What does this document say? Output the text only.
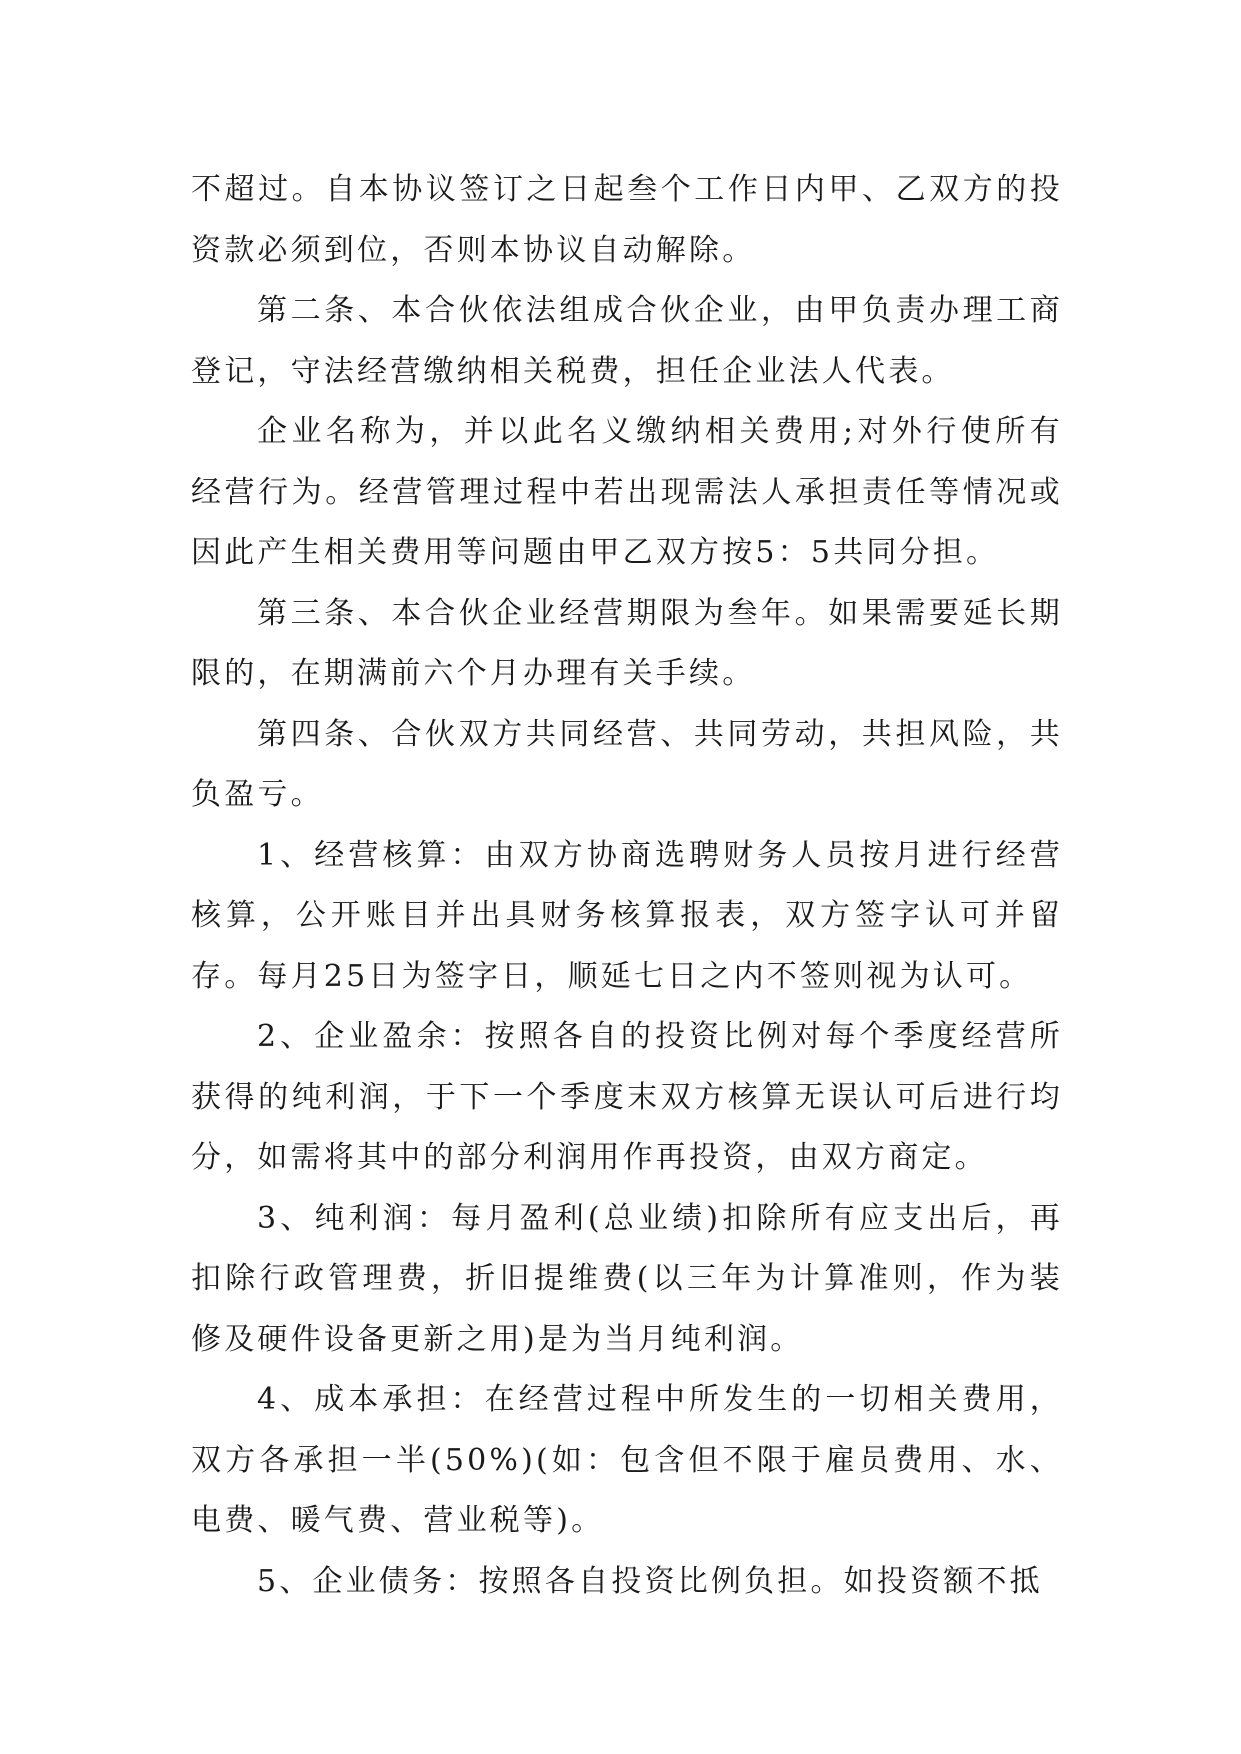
不超过。自本协议签订之日起叁个工作日内甲、乙双方的投资款必须到位，否则本协议自动解除。

第二条、本合伙依法组成合伙企业，由甲负责办理工商登记，守法经营缴纳相关税费，担任企业法人代表。

企业名称为，并以此名义缴纳相关费用;对外行使所有经营行为。经营管理过程中若出现需法人承担责任等情况或因此产生相关费用等问题由甲乙双方按5：5共同分担。

第三条、本合伙企业经营期限为叁年。如果需要延长期限的，在期满前六个月办理有关手续。

第四条、合伙双方共同经营、共同劳动，共担风险，共负盈亏。

1、经营核算：由双方协商选聘财务人员按月进行经营核算，公开账目并出具财务核算报表，双方签字认可并留存。每月25日为签字日，顺延七日之内不签则视为认可。

2、企业盈余：按照各自的投资比例对每个季度经营所获得的纯利润，于下一个季度末双方核算无误认可后进行均分，如需将其中的部分利润用作再投资，由双方商定。

3、纯利润：每月盈利(总业绩)扣除所有应支出后，再扣除行政管理费，折旧提维费(以三年为计算准则，作为装修及硬件设备更新之用)是为当月纯利润。

4、成本承担：在经营过程中所发生的一切相关费用，双方各承担一半(50%)(如：包含但不限于雇员费用、水、电费、暖气费、营业税等)。

5、企业债务：按照各自投资比例负担。如投资额不抵
